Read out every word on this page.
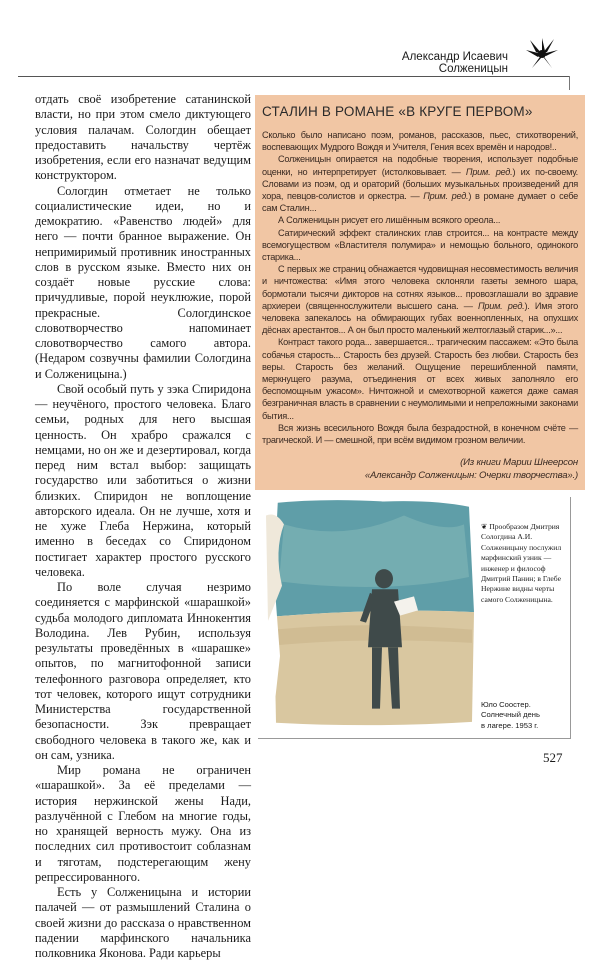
Александр Исаевич Солженицын

отдать своё изобретение сатанинской власти, но при этом смело диктующего условия палачам. Сологдин обещает предоставить начальству чертёж изобретения, если его назначат ведущим конструктором.

Сологдин отметает не только социалистические идеи, но и демократию. «Равенство людей» для него — почти бранное выражение. Он непримиримый противник иностранных слов в русском языке. Вместо них он создаёт новые русские слова: причудливые, порой неуклюжие, порой прекрасные. Сологдинское словотворчество напоминает словотворчество самого автора. (Недаром созвучны фамилии Сологдина и Солженицына.)

Свой особый путь у зэка Спиридона — неучёного, простого человека. Благо семьи, родных для него высшая ценность. Он храбро сражался с немцами, но он же и дезертировал, когда перед ним встал выбор: защищать государство или заботиться о жизни близких. Спиридон не воплощение авторского идеала. Он не лучше, хотя и не хуже Глеба Нержина, который именно в беседах со Спиридоном постигает характер простого русского человека.

По воле случая незримо соединяется с марфинской «шарашкой» судьба молодого дипломата Иннокентия Володина. Лев Рубин, используя результаты проведённых в «шарашке» опытов, по магнитофонной записи телефонного разговора определяет, кто тот человек, которого ищут сотрудники Министерства государственной безопасности. Зэк превращает свободного человека в такого же, как и он сам, узника.

Мир романа не ограничен «шарашкой». За её пределами — история нержинской жены Нади, разлучённой с Глебом на многие годы, но хранящей верность мужу. Она из последних сил противостоит соблазнам и тяготам, подстерегающим жену репрессированного.

Есть у Солженицына и истории палачей — от размышлений Сталина о своей жизни до рассказа о нравственном падении марфинского начальника полковника Яконова. Ради карьеры

СТАЛИН В РОМАНЕ «В КРУГЕ ПЕРВОМ»

Сколько было написано поэм, романов, рассказов, пьес, стихотворений, воспевающих Мудрого Вождя и Учителя, Гения всех времён и народов!..

Солженицын опирается на подобные творения, использует подобные оценки, но интерпретирует (истолковывает. — Прим. ред.) их по-своему. Словами из поэм, од и ораторий (больших музыкальных произведений для хора, певцов-солистов и оркестра. — Прим. ред.) в романе думает о себе сам Сталин...

А Солженицын рисует его лишённым всякого ореола...

Сатирический эффект сталинских глав строится... на контрасте между всемогуществом «Властителя полумира» и немощью больного, одинокого старика...

С первых же страниц обнажается чудовищная несовместимость величия и ничтожества: «Имя этого человека склоняли газеты земного шара, бормотали тысячи дикторов на сотнях языков... провозглашали во здравие архиереи (священнослужители высшего сана. — Прим. ред.). Имя этого человека запекалось на обмирающих губах военнопленных, на опухших дёснах арестантов... А он был просто маленький желтоглазый старик...»...

Контраст такого рода... завершается... трагическим пассажем: «Это была собачья старость... Старость без друзей. Старость без любви. Старость без веры. Старость без желаний. Ощущение перешибленной памяти, меркнущего разума, отъединения от всех живых заполняло его беспомощным ужасом». Ничтожной и смехотворной кажется даже самая безграничная власть в сравнении с неумолимыми и непреложными законами бытия...

Вся жизнь всесильного Вождя была безрадостной, в конечном счёте — трагической. И — смешной, при всём видимом грозном величии.

(Из книги Марии Шнеерсон
«Александр Солженицын: Очерки творчества».)
❦ Прообразом Дмитрия Сологдина А.И. Солженицыну послужил марфинский узник — инженер и философ Дмитрий Панин; в Глебе Нержине видны черты самого Солженицына.
Юло Соостер.
Солнечный день
в лагере. 1953 г.
527
